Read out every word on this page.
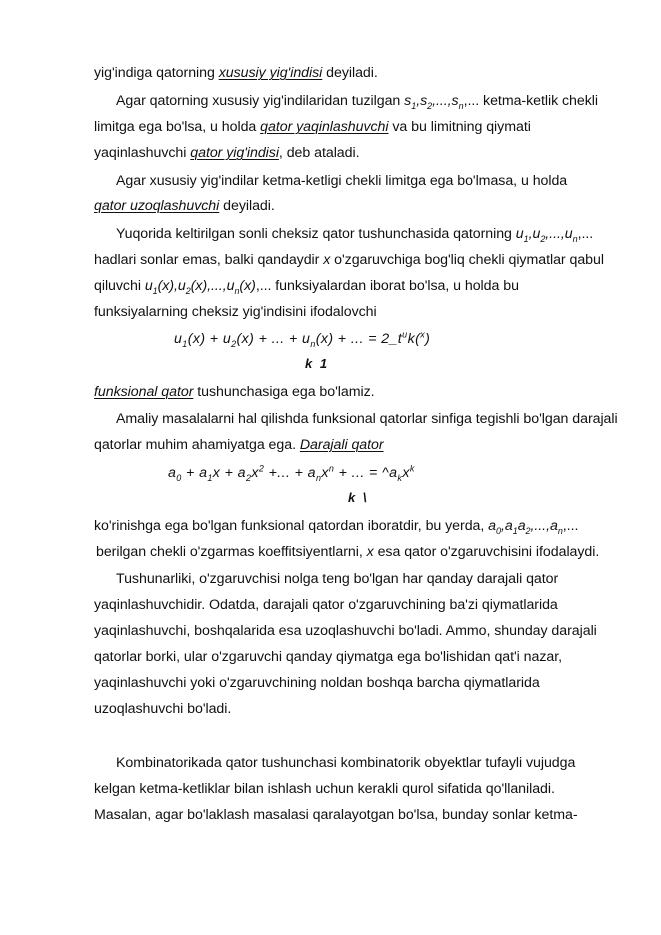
yig'indiga qatorning xususiy yig'indisi deyiladi.
Agar qatorning xususiy yig'indilaridan tuzilgan $s_1,s_2,...,s_n$,... ketma-ketlik chekli
limitga ega bo'lsa, u holda qator yaqinlashuvchi va bu limitning qiymati
yaqinlashuvchi qator yig'indisi, deb ataladi.
Agar xususiy yig'indilar ketma-ketligi chekli limitga ega bo'lmasa, u holda
qator uzoqlashuvchi deyiladi.
Yuqorida keltirilgan sonli cheksiz qator tushunchasida qatorning $u_1,u_2,...,u_n$,...
hadlari sonlar emas, balki qandaydir x o'zgaruvchiga bog'liq chekli qiymatlar qabul
qiluvchi $u_1(x),u_2(x),...,u_n(x)$,... funksiyalardan iborat bo'lsa, u holda bu
funksiyalarning cheksiz yig'indisini ifodalovchi
$u_1(x) + u_2(x)$ + ... + $u_n(x)$ + ... = $2\_t^uk(^x)$
k 1
funksional qator tushunchasiga ega bo'lamiz.
Amaliy masalalarni hal qilishda funksional qatorlar sinfiga tegishli bo'lgan darajali
qatorlar muhim ahamiyatga ega. Darajali qator
$a_0 + a_1x + a_2x^2$ +... + $a_nx^n$ + ... = $\^{}a_kx^k$
k \
ko'rinishga ega bo'lgan funksional qatordan iboratdir, bu yerda, $a_0,a_1a_2,...,a_n$,...
berilgan chekli o'zgarmas koeffitsiyentlarni, x esa qator o'zgaruvchisini ifodalaydi.
Tushunarliki, o'zgaruvchisi nolga teng bo'lgan har qanday darajali qator
yaqinlashuvchidir. Odatda, darajali qator o'zgaruvchining ba'zi qiymatlarida
yaqinlashuvchi, boshqalarida esa uzoqlashuvchi bo'ladi. Ammo, shunday darajali
qatorlar borki, ular o'zgaruvchi qanday qiymatga ega bo'lishidan qat'i nazar,
yaqinlashuvchi yoki o'zgaruvchining noldan boshqa barcha qiymatlarida
uzoqlashuvchi bo'ladi.
Kombinatorikada qator tushunchasi kombinatorik obyektlar tufayli vujudga
kelgan ketma-ketliklar bilan ishlash uchun kerakli qurol sifatida qo'llaniladi.
Masalan, agar bo'laklash masalasi qaralayotgan bo'lsa, bunday sonlar ketma-
